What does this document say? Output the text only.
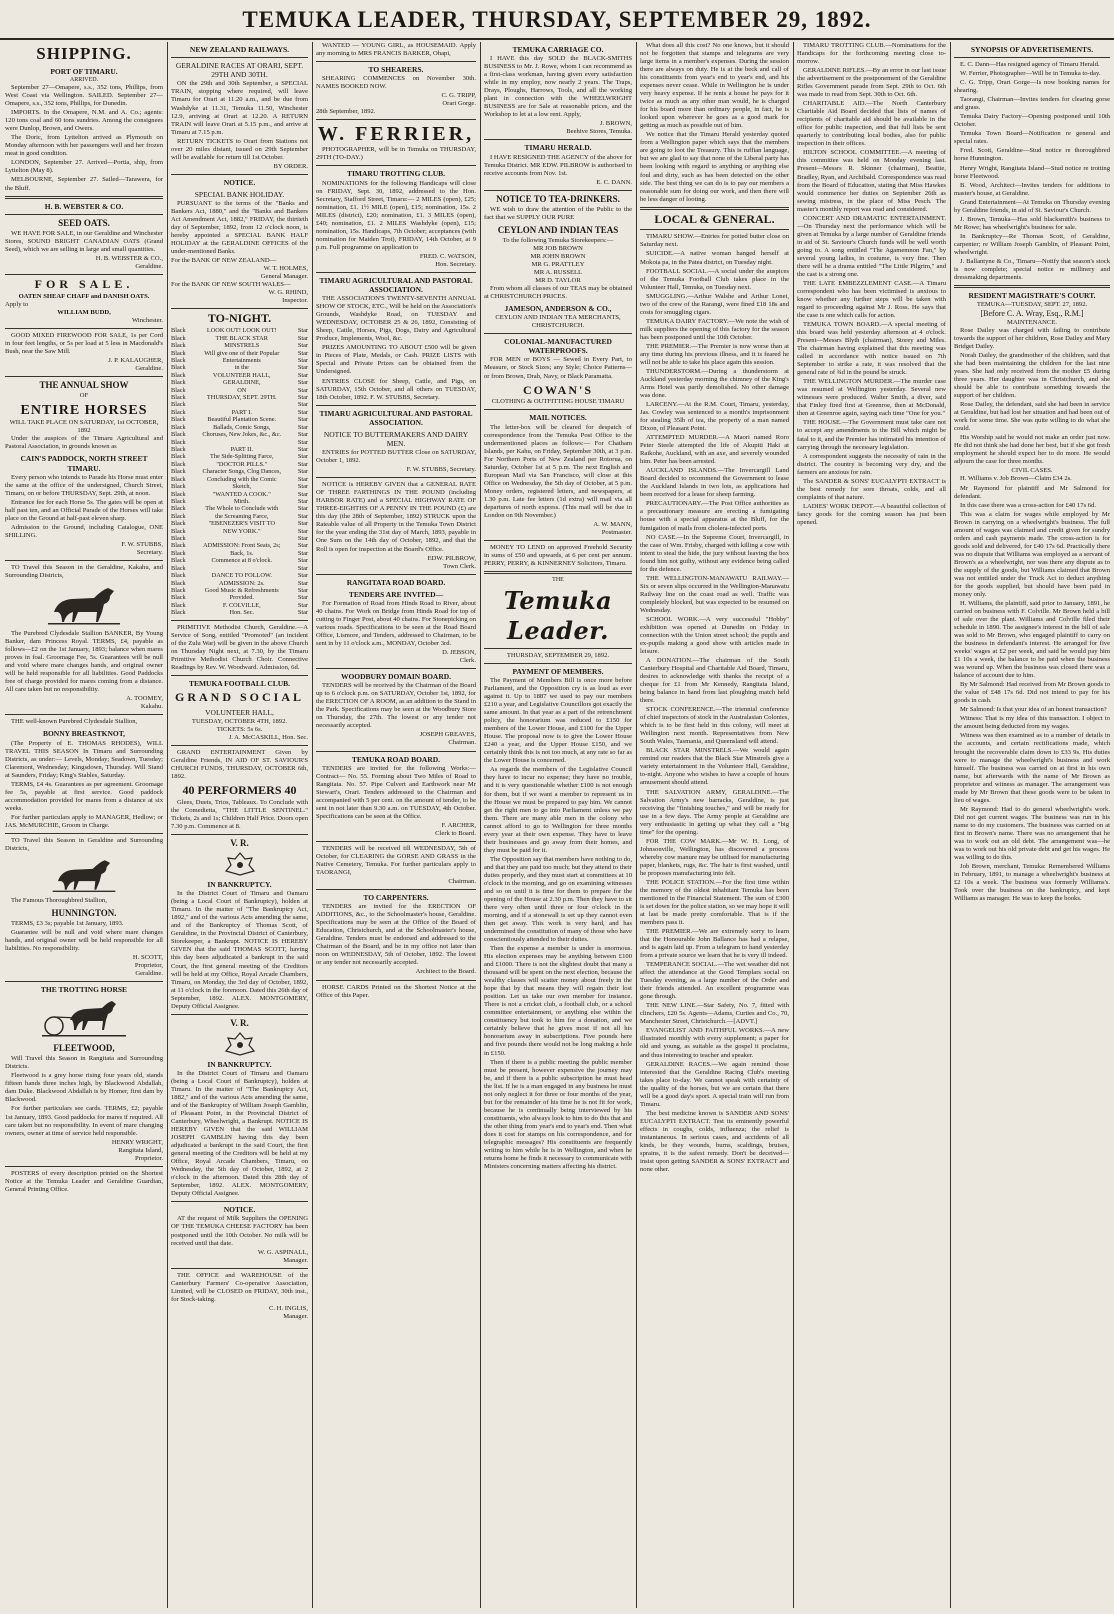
TEMUKA LEADER, THURSDAY, SEPTEMBER 29, 1892.
SHIPPING.
PORT OF TIMARU.
ARRIVED.

September 27—Omapere, s.s., 352 tons, Phillips, from West Coast via Wellington. SAILED. September 27—Omapere, s.s., 352 tons, Phillips, for Dunedin.

IMPORTS. In the Omapere, N.M. and A. Co.; agents: 120 tons coal and 60 tons sundries. Among the consignees were Dunlop, Brown, and Owers.

The Doric, from Lyttelton arrived as Plymouth on Monday afternoon with her passengers well and her frozen meat in good condition.

LONDON, September 27. Arrived—Portia, ship, from Lyttelton (May 8).

MELBOURNE, September 27. Sailed—Tarawera, for the Bluff.

H. B. WEBSTER & CO.
SEED OATS.

WE HAVE FOR SALE, in our Geraldine and Winchester Stores, SOUND BRIGHT CANADIAN OATS (Grand Seed), which we are selling in large and small quantities.

H. B. WEBSTER & CO.,
Geraldine.
FOR SALE.
OATEN SHEAF CHAFF and DANISH OATS.
Apply to
WILLIAM BUDD,
Winchester.

GOOD MIXED FIREWOOD FOR SALE, 1s per Cord in four feet lengths, or 5s per load at 5 less in Macdonald's Bush, near the Saw Mill.

J. P. KALAUGHER,
Geraldine.
THE ANNUAL SHOW
OF
ENTIRE HORSES
WILL TAKE PLACE ON SATURDAY, 1st OCTOBER, 1892

Under the auspices of the Timaru Agricultural and Pastoral Association, in grounds known as

CAIN'S PADDOCK, NORTH STREET TIMARU.

Every person who intends to Parade his Horse must enter the same at the office of the undersigned, Church Street, Timaru, on or before THURSDAY, Sept. 29th, at noon.

Entrance fee for each Horse 5s. The gates will be open at half past ten, and an Official Parade of the Horses will take place on the Ground at half-past eleven sharp.

Admission to the Ground, including Catalogue, ONE SHILLING.

F. W. STUBBS,
Secretary.

TO Travel this Season in the Geraldine, Kakahu, and Surrounding Districts,

The Purebred Clydesdale Stallion BANKER, By Young Banker, dam Princess Royal. TERMS, £4, payable as follows—£2 on the 1st January, 1893; balance when mares proves in foal. Groomage Fee, 5s. Guarantees will be null and void where mare changes hands, and original owner will be held responsible for all liabilities. Good Paddocks free of charge provided for mares coming from a distance. All care taken but no responsibility.

A. TOOMEY,
Kakahu.

THE well-known Purebred Clydesdale Stallion,

BONNY BREASTKNOT,

(The Property of E. THOMAS RHODES), WILL TRAVEL THIS SEASON In Timaru and Surrounding Districts, as under:— Levels, Monday; Seadown, Tuesday; Claremont, Wednesday; Kingsdown, Thursday. Will Stand at Saunders, Friday; King's Stables, Saturday.

TERMS, £4 4s. Guarantees as per agreement. Groomage fee 5s, payable at first service. Good paddock accommodation provided for mares from a distance at six weeks.

For further particulars apply to MANAGER, Hedlow; or JAS. McMURCHIE, Groom in Charge.

TO Travel this Season in Geraldine and Surrounding Districts,

The Famous Thoroughbred Stallion,

HUNNINGTON.

TERMS, £3 3s; payable 1st January, 1893.

Guarantee will be null and void where mare changes hands, and original owner will be held responsible for all liabilities. No responsibility.

H. SCOTT,
Proprietor,
Geraldine.
THE TROTTING HORSE
FLEETWOOD,

Will Travel this Season in Rangitata and Surrounding Districts.

Fleetwood is a grey horse rising four years old, stands fifteen hands three inches high, by Blackwood Abdallah, dam Duke. Blackwood Abdallah is by Homer, first dam by Blackwood.

For further particulars see cards. TERMS, £2; payable 1st January, 1893. Good paddocks for mares if required. All care taken but no responsibility. In event of mare changing owners, owner at time of service held responsible.

HENRY WRIGHT,
Rangitata Island,
Proprietor.

POSTERS of every description printed on the Shortest Notice at the Temuka Leader and Geraldine Guardian, General Printing Office.

NEW ZEALAND RAILWAYS.
GERALDINE RACES AT ORARI, SEPT. 29TH AND 30TH.

ON the 29th and 30th September, a SPECIAL TRAIN, stopping where required, will leave Timaru for Orari at 11.20 a.m., and be due from Washdyke at 11.31, Temuka 11.50, Winchester 12.9, arriving at Orari at 12.20. A RETURN TRAIN will leave Orari at 5.15 p.m., and arrive at Timaru at 7.15 p.m.

RETURN TICKETS to Orari from Stations not over 20 miles distant, issued on 29th September will be available for return till 1st October.

BY ORDER.
NOTICE.
SPECIAL BANK HOLIDAY.

PURSUANT to the terms of the "Banks and Bankers Act, 1880," and the "Banks and Bankers Act Amendment Act, 1882," FRIDAY, the thirtieth day of September, 1892, from 12 o'clock noon, is hereby appointed a SPECIAL BANK HALF HOLIDAY at the GERALDINE OFFICES of the under-mentioned Banks.

For the BANK OF NEW ZEALAND—
W. T. HOLMES,
General Manager.
For the BANK OF NEW SOUTH WALES—
W. G. RHIND,
Inspector.
TO-NIGHT.
Black	LOOK OUT! LOOK OUT!	Star
Black	THE BLACK STAR	Star
Black	MINSTRELS	Star
Black	Will give one of their Popular	Star
Black	Entertainments	Star
Black	in the	Star
Black	VOLUNTEER HALL,	Star
Black	GERALDINE,	Star
Black	ON	Star
Black	THURSDAY, SEPT. 29TH.	Star
Black	Star
Black	PART I.	Star
Black	Beautiful Plantation Scene.	Star
Black	Ballads, Comic Songs,	Star
Black	Choruses, New Jokes, &c., &c.	Star
Black	Star
Black	PART II.	Star
Black	The Side-Splitting Farce,	Star
Black	"DOCTOR PILLS."	Star
Black	Character Songs, Clog Dances,	Star
Black	Concluding with the Comic	Star
Black	Sketch,	Star
Black	"WANTED A COOK."	Star
Black	Mirth.	Star
Black	The Whole to Conclude with	Star
Black	the Screaming Farce,	Star
Black	"EBENEZER'S VISIT TO	Star
Black	NEW YORK."	Star
Black	Star
Black	ADMISSION: Front Seats, 2s;	Star
Black	Back, 1s.	Star
Black	Commence at 8 o'clock.	Star
Black	Star
Black	DANCE TO FOLLOW.	Star
Black	ADMISSION: 2s.	Star
Black	Good Music & Refreshments	Star
Black	Provided.	Star
Black	F. COLVILLE,	Star
Black	Hon. Sec.	Star

PRIMITIVE Methodist Church, Geraldine.—A Service of Song, entitled "Promoted" (an incident of the Zulu War) will be given in the above Church on Thursday Night next, at 7.30, by the Timaru Primitive Methodist Church Choir. Connective Readings by Rev. W. Woodward. Admission, 6d.

TEMUKA FOOTBALL CLUB.
GRAND SOCIAL
VOLUNTEER HALL,
TUESDAY, OCTOBER 4TH, 1892.
TICKETS: 5s 6s.
J. A. McCASKILL, Hon. Sec.

GRAND ENTERTAINMENT Given by Geraldine Friends, IN AID OF ST. SAVIOUR'S CHURCH FUNDS, THURSDAY, OCTOBER 6th, 1892.

40 PERFORMERS 40

Glees, Duets, Trios, Tableaux. To Conclude with the Comedietta, "THE LITTLE SENTINEL." Tickets, 2s and 1s; Children Half Price. Doors open 7.30 p.m. Commence at 8.

V. R.
IN BANKRUPTCY.

In the District Court of Timaru and Oamaru (being a Local Court of Bankruptcy), holden at Timaru. In the matter of "The Bankruptcy Act, 1892," and of the various Acts amending the same, and of the Bankruptcy of Thomas Scott, of Geraldine, in the Provincial District of Canterbury, Storekeeper, a Bankrupt. NOTICE IS HEREBY GIVEN that the said THOMAS SCOTT, having this day been adjudicated a bankrupt in the said Court, the first general meeting of the Creditors will be held at my Office, Royal Arcade Chambers, Timaru, on Monday, the 3rd day of October, 1892, at 11 o'clock in the forenoon. Dated this 26th day of September, 1892. ALEX. MONTGOMERY, Deputy Official Assignee.

V. R.
IN BANKRUPTCY.

In the District Court of Timaru and Oamaru (being a Local Court of Bankruptcy), holden at Timaru. In the matter of "The Bankruptcy Act, 1882," and of the various Acts amending the same, and of the Bankruptcy of William Joseph Gamblin, of Pleasant Point, in the Provincial District of Canterbury, Wheelwright, a Bankrupt. NOTICE IS HEREBY GIVEN that the said WILLIAM JOSEPH GAMBLIN having this day been adjudicated a bankrupt in the said Court, the first general meeting of the Creditors will be held at my Office, Royal Arcade Chambers, Timaru, on Wednesday, the 5th day of October, 1892, at 2 o'clock in the afternoon. Dated this 28th day of September, 1892. ALEX. MONTGOMERY, Deputy Official Assignee.

NOTICE.

AT the request of Milk Suppliers the OPENING OF THE TEMUKA CHEESE FACTORY has been postponed until the 10th October. No milk will be received until that date.

W. G. ASPINALL,
Manager.

THE OFFICE and WAREHOUSE of the Canterbury Farmers' Co-operative Association, Limited, will be CLOSED on FRIDAY, 30th inst., for Stock-taking.

C. H. INGLIS,
Manager.

WANTED — YOUNG GIRL, as HOUSEMAID. Apply any morning to MRS FRANCIS BARKER, Ohapi,

TO SHEARERS.

SHEARING COMMENCES on November 30th. NAMES BOOKED NOW.

C. G. TRIPP,
Orari Gorge.
28th September, 1892.
W. FERRIER,

PHOTOGRAPHER, will be in Temuka on THURSDAY, 29TH (TO-DAY.)

TIMARU TROTTING CLUB.

NOMINATIONS for the following Handicaps will close on FRIDAY, Sept. 30, 1892, addressed to the Hon. Secretary, Stafford Street, Timaru:— 2 MILES (open), £25; nomination, £1. 1½ MILE (open), £15; nomination, 15s. 2 MILES (district), £20; nomination, £1. 3 MILES (open), £40; nomination, £1. 2 MILES Washdyke (open), £15; nomination, 15s. Handicaps, 7th October; acceptances (with nomination for Maiden Trot), FRIDAY, 14th October, at 9 p.m. Full programme on application to

FRED. C. WATSON,
Hon. Secretary.
TIMARU AGRICULTURAL AND PASTORAL ASSOCIATION.

THE ASSOCIATION'S TWENTY-SEVENTH ANNUAL SHOW OF STOCK, ETC., Will be held on the Association's Grounds, Washdyke Road, on TUESDAY and WEDNESDAY, OCTOBER 25 & 26, 1892, Consisting of Sheep, Cattle, Horses, Pigs, Dogs, Dairy and Agricultural Produce, Implements, Wool, &c.

PRIZES AMOUNTING TO ABOUT £500 will be given in Pieces of Plate, Medals, or Cash. PRIZE LISTS with Special and Private Prizes can be obtained from the Undersigned.

ENTRIES CLOSE for Sheep, Cattle, and Pigs, on SATURDAY, 15th October, and all others on TUESDAY, 18th October, 1892. F. W. STUBBS, Secretary.

TIMARU AGRICULTURAL AND PASTORAL ASSOCIATION.
NOTICE TO BUTTERMAKERS AND DAIRY MEN.

ENTRIES for POTTED BUTTER Close on SATURDAY, October 1, 1892.

F. W. STUBBS, Secretary.

NOTICE is HEREBY GIVEN that a GENERAL RATE OF THREE FARTHINGS IN THE POUND (including HARBOR RATE) and a SPECIAL HIGHWAY RATE OF THREE-EIGHTHS OF A PENNY IN THE POUND (£) are this day (the 28th of September, 1892) STRUCK upon the Rateable value of all Property in the Temuka Town District for the year ending the 31st day of March, 1893, payable in One Sum on the 14th day of October, 1892, and that the Roll is open for inspection at the Board's Office.

EDW. PILBROW,
Town Clerk.
RANGITATA ROAD BOARD.
TENDERS ARE INVITED—

For Formation of Road from Hinds Road to River, about 40 chains. For Work on Bridge from Hinds Road for top of cutting to Finger Post, about 40 chains. For Stonepicking on various roads. Specifications to be seen at the Road Board Office, Lismore, and Tenders, addressed to Chairman, to be sent in by 11 o'clock a.m., MONDAY, October 3rd.

D. JEBSON,
Clerk.
WOODBURY DOMAIN BOARD.

TENDERS will be received by the Chairman of the Board up to 6 o'clock p.m. on SATURDAY, October 1st, 1892, for the ERECTION OF A ROOM, as an addition to the Stand in the Park. Specifications may be seen at the Woodbury Store on Thursday, the 27th. The lowest or any tender not necessarily accepted.

JOSEPH GREAVES,
Chairman.
TEMUKA ROAD BOARD.

TENDERS are invited for the following Works:— Contract— No. 55. Forming about Two Miles of Road to Rangitata. No. 57. Pipe Culvert and Earthwork near Mr Stewart's, Orari. Tenders addressed to the Chairman and accompanied with 5 per cent. on the amount of tender, to be sent in not later than 9.30 a.m. on TUESDAY, 4th October. Specifications can be seen at the Office.

F. ARCHER,
Clerk to Board.

TENDERS will be received till WEDNESDAY, 5th of October, for CLEARING the GORSE AND GRASS in the Native Cemetery, Temuka. For further particulars apply to TAORANGI,

Chairman.
TO CARPENTERS.

TENDERS are invited for the ERECTION OF ADDITIONS, &c., to the Schoolmaster's house, Geraldine. Specifications may be seen at the Office of the Board of Education, Christchurch, and at the Schoolmaster's house, Geraldine. Tenders must be endorsed and addressed to the Chairman of the Board, and be in my office not later than noon on WEDNESDAY, 5th of October, 1892. The lowest or any tender not necessarily accepted.

Architect to the Board.

HORSE CARDS Printed on the Shortest Notice at the Office of this Paper.

TEMUKA CARRIAGE CO.

I HAVE this day SOLD the BLACK-SMITHS BUSINESS to Mr. J. Rowe, whom I can recommend as a first-class workman, having given every satisfaction while in my employ, now nearly 2 years. The Traps, Drays, Ploughs, Harrows, Tools, and all the working plant in connection with the WHEELWRIGHT BUSINESS are for Sale at reasonable prices, and the Workshop to let at a low rent. Apply,

J. BROWN,
Beehive Stores, Temuka.
TIMARU HERALD.

I HAVE RESIGNED THE AGENCY of the above for Temuka District. MR EDW. PILBROW is authorised to receive accounts from Nov. 1st.

E. C. DANN.
NOTICE TO TEA-DRINKERS.

WE wish to draw the attention of the Public to the fact that we SUPPLY OUR PURE

CEYLON AND INDIAN TEAS
To the following Temuka Storekeepers:—
MR JOB BROWN
MR JOHN BROWN
MR G. PRATTLEY
MR A. RUSSELL
MR D. TAYLOR

From whom all classes of our TEAS may be obtained at CHRISTCHURCH PRICES.

JAMESON, ANDERSON & CO.,
CEYLON AND INDIAN TEA MERCHANTS, CHRISTCHURCH.
COLONIAL-MANUFACTURED WATERPROOFS.

FOR MEN or BOYS — Sewed in Every Part, to Measure, or Stock Sizes; any Style; Choice Patterns—or from Brown, Drab, Navy, or Black Paramatta.

COWAN'S
CLOTHING & OUTFITTING HOUSE TIMARU
MAIL NOTICES.

The letter-box will be cleared for despatch of correspondence from the Temuka Post Office to the undermentioned places as follows:— For Chatham Islands, per Kahu, on Friday, September 30th, at 3 p.m. For Northern Ports of New Zealand per Rotorua, on Saturday, October 1st at 5 p.m. The next English and European Mail via San Francisco, will close at this Office on Wednesday, the 5th day of October, at 5 p.m. Money orders, registered letters, and newspapers, at 1.30 p.m. Late fee letters (1d extra) will mail via all departures of north express. (This mail will be due in London on 9th November.)

A. W. MANN,
Postmaster.

MONEY TO LEND on approved Freehold Security in sums of £50 and upwards, at 6 per cent per annum. PERRY, PERRY, & KINNERNEY Solicitors, Timaru.

THE
Temuka Leader.
THURSDAY, SEPTEMBER 29, 1892.
PAYMENT OF MEMBERS.

The Payment of Members Bill is once more before Parliament, and the Opposition cry is as loud as ever against it. Up to 1887 we used to pay our members £210 a year, and Legislative Councillors got exactly the same amount. In that year as a part of the retrenchment policy, the honorarium was reduced to £150 for members of the Lower House, and £100 for the Upper House. The proposal now is to give the Lower House £240 a year, and the Upper House £150, and we certainly think this is not too much, at any rate so far as the Lower House is concerned.

As regards the members of the Legislative Council they have to incur no expense; they have no trouble, and it is very questionable whether £100 is not enough for them, but if we want a member to represent us in the House we must be prepared to pay him. We cannot get the right men to go into Parliament unless we pay them. There are many able men in the colony who cannot afford to go to Wellington for three months every year at their own expense. They have to leave their businesses and go away from their homes, and they must be paid for it.

The Opposition say that members have nothing to do, and that they are paid too much; but they attend to their duties properly, and they must start at committees at 10 o'clock in the morning, and go on examining witnesses and so on until it is time for them to prepare for the opening of the House at 2.30 p.m. Then they have to sit there very often until three or four o'clock in the morning, and if a stonewall is set up they cannot even then get away. This work is very hard, and has undermined the constitution of many of those who have conscientiously attended to their duties.

Then the expense a member is under is enormous. His election expenses may be anything between £100 and £1000. There is not the slightest doubt that many a thousand will be spent on the next election, because the wealthy classes will scatter money about freely in the hope that by that means they will regain their lost position. Let us take our own member for instance. There is not a cricket club, a football club, or a school committee entertainment, or anything else within the constituency but took to him for a donation, and we certainly believe that he gives most if not all his honorarium away in subscriptions. Five pounds here and five pounds there would not be long making a hole in £150.

Then if there is a public meeting the public member must be present, however expensive the journey may be, and if there is a public subscription he must head the list. If he is a man engaged in any business he must not only neglect it for three or four months of the year, but for the remainder of his time he is not fit for work, because he is continually being interviewed by his constituents, who always look to him to do this that and the other thing from year's end to year's end. Then what does it cost for stamps on his correspondence, and for telegraphic messages? His constituents are frequently writing to him while he is in Wellington, and when he returns home he finds it necessary to communicate with Ministers concerning matters affecting his district.

What does all this cost? No one knows, but it should not be forgotten that stamps and telegrams are very large items in a member's expenses. During the session there are always on duty. He is at the beck and call of his constituents from year's end to year's end, and his expenses never cease. While in Wellington he is under very heavy expense. If he rents a house he pays for it twice as much as any other man would, he is charged for his board more than ordinary people, in fact, he is looked upon wherever he goes as a good mark for getting as much as possible out of him.

We notice that the Timaru Herald yesterday quoted from a Wellington paper which says that the members are going to loot the Treasury. This is ruffian language, but we are glad to say that none of the Liberal party has been looking with regard to anything or anything else foul and dirty, such as has been detected on the other side. The best thing we can do is to pay our members a reasonable sum for doing our work, and then there will be less danger of looting.

LOCAL & GENERAL.

TIMARU SHOW.—Entries for potted butter close on Saturday next.

SUICIDE.—A native woman hanged herself at Mokoia pa, in the Patea district, on Tuesday night.

FOOTBALL SOCIAL.—A social under the auspices of the Temuka Football Club takes place in the Volunteer Hall, Temuka, on Tuesday next.

SMUGGLING.—Arthur Walshe and Arthur Lonei, two of the crew of the Rarangi, were fined £18 18s and costs for smuggling cigars.

TEMUKA DAIRY FACTORY.—We note the wish of milk suppliers the opening of this factory for the season has been postponed until the 10th October.

THE PREMIER.—The Premier is now worse than at any time during his previous illness, and it is feared he will not be able to take his place again this session.

THUNDERSTORM.—During a thunderstorm at Auckland yesterday morning the chimney of the King's Arms Hotel was partly demolished. No other damage was done.

LARCENY.—At the R.M. Court, Timaru, yesterday, Jas. Cowley was sentenced to a month's imprisonment for stealing 35lb of tea, the property of a man named Dixon, of Pleasant Point.

ATTEMPTED MURDER.—A Maori named Roro Peter Steele attempted the life of Akupiti Haki at Raikohe, Auckland, with an axe, and severely wounded him. Peter has been arrested.

AUCKLAND ISLANDS.—The Invercargill Land Board decided to recommend the Government to lease the Auckland Islands in two lots, as applications had been received for a lease for sheep farming.

PRECAUTIONARY.—The Post Office authorities as a precautionary measure are erecting a fumigating house with a special apparatus at the Bluff, for the fumigation of mails from cholera-infected ports.

NO CASE.—In the Supreme Court, Invercargill, in the case of Wm. Frisby, charged with killing a cow with intent to steal the hide, the jury without leaving the box found him not guilty, without any evidence being called for the defence.

THE WELLINGTON-MANAWATU RAILWAY.—Six or seven slips occurred in the Wellington-Manawatu Railway line on the coast road as well. Traffic was completely blocked, but was expected to be resumed on Wednesday.

SCHOOL WORK.—A very successful "Hobby" exhibition was opened at Dunedin on Friday in connection with the Union street school; the pupils and ex-pupils making a good show with articles made in leisure.

A DONATION.—The chairman of the South Canterbury Hospital and Charitable Aid Board, Timaru, desires to acknowledge with thanks the receipt of a cheque for £1 from Mr Kennedy, Rangitata Island, being balance in hand from last ploughing match held there.

STOCK CONFERENCE.—The triennial conference of chief inspectors of stock in the Australasian Colonies, which is to be first held in this colony, will meet at Wellington next month. Representatives from New South Wales, Tasmania, and Queensland will attend.

BLACK STAR MINSTRELS.—We would again remind our readers that the Black Star Minstrels give a variety entertainment in the Volunteer Hall, Geraldine, to-night. Anyone who wishes to have a couple of hours amusement should attend.

THE SALVATION ARMY, GERALDINE.—The Salvation Army's new barracks, Geraldine, is just receiving the "finishing touches," and will be ready for use in a few days. The Army people at Geraldine are very enthusiastic in getting up what they call a "big time" for the opening.

FOR THE COW MARK.—Mr W. H. Long, of Johnsonville, Wellington, has discovered a process whereby cow manure may be utilised for manufacturing paper, blankets, rugs, &c. The hair is first washed, until he proposes manufacturing into felt.

THE POLICE STATION.—For the first time within the memory of the oldest inhabitant Temuka has been mentioned in the Financial Statement. The sum of £300 is set down for the police station, so we may hope it will at last be made pretty comfortable. That is if the members pass it.

THE PREMIER.—We are extremely sorry to learn that the Honourable John Ballance has had a relapse, and is again laid up. From a telegram to hand yesterday from a private source we learn that he is very ill indeed.

TEMPERANCE SOCIAL.—The wet weather did not affect the attendance at the Good Templars social on Tuesday evening, as a large number of the Order and their friends attended. An excellent programme was gone through.

THE NEW LINE.—Star Safety, No. 7, fitted with clinchers, £20 5s. Agents—Adams, Curties and Co., 70, Manchester Street, Christchurch.—[ADVT.]

EVANGELIST AND FAITHFUL WORKS.—A new illustrated monthly with every supplement; a paper for old and young, as suitable as the gospel it proclaims, and thus interesting to teacher and speaker.

GERALDINE RACES.—We again remind those interested that the Geraldine Racing Club's meeting takes place to-day. We cannot speak with certainty of the quality of the horses, but we are certain that there will be a good day's sport. A special train will run from Timaru.

The best medicine known is SANDER AND SONS' EUCALYPTI EXTRACT. Test its eminently powerful effects in coughs, colds, influenza; the relief is instantaneous. In serious cases, and accidents of all kinds, be they wounds, burns, scaldings, bruises, sprains, it is the safest remedy. Don't be deceived—insist upon getting SANDER & SONS' EXTRACT and none other.

TIMARU TROTTING CLUB.—Nominations for the Handicaps for the forthcoming meeting close to-morrow.

GERALDINE RIFLES.—By an error in our last issue the advertisement re the postponement of the Geraldine Rifles Government parade from Sept. 29th to Oct. 6th was made to read from Sept. 30th to Oct. 6th.

CHARITABLE AID.—The North Canterbury Charitable Aid Board decided that lists of names of recipients of charitable aid should be available in the office for public inspection, and that full lists be sent quarterly to contributing local bodies, also for public inspection in their offices.

HILTON SCHOOL COMMITTEE.—A meeting of this committee was held on Monday evening last. Present—Messrs R. Skinner (chairman), Beattie, Bradley, Ryan, and Archibald. Correspondence was read from the Board of Education, stating that Miss Hawkes would commence her duties on September 26th as sewing mistress, in the place of Miss Pesch. The master's monthly report was read and considered.

CONCERT AND DRAMATIC ENTERTAINMENT.—On Thursday next the performance which will be given at Temuka by a large number of Geraldine friends in aid of St. Saviour's Church funds will be well worth going to. A song entitled "The Agamemnon Fan," by several young ladies, in costume, is very fine. Then there will be a drama entitled "The Little Pilgrim," and the cast is a strong one.

THE LATE EMBEZZLEMENT CASE.—A Timaru correspondent who has been victimised is anxious to know whether any further steps will be taken with regard to proceeding against Mr J. Ross. He says that the case is one which calls for action.

TEMUKA TOWN BOARD.—A special meeting of this board was held yesterday afternoon at 4 o'clock. Present—Messrs Blyth (chairman), Storey and Miles. The chairman having explained that this meeting was called in accordance with notice issued on 7th September to strike a rate, it was resolved that the general rate of ¾d in the pound be struck.

THE WELLINGTON MURDER.—The murder case was resumed at Wellington yesterday. Several new witnesses were produced. Walter Smith, a diver, said that Finley fired first at Greenroe, then at McDonald, then at Greenroe again, saying each time "One for you."

THE HOUSE.—The Government must take care not to accept any amendments to the Bill which might be fatal to it, and the Premier has intimated his intention of carrying through the necessary legislation.

A correspondent suggests the necessity of rain in the district. The country is becoming very dry, and the farmers are anxious for rain.

The SANDER & SONS' EUCALYPTI EXTRACT is the best remedy for sore throats, colds, and all complaints of that nature.

LADIES' WORK DEPOT.—A beautiful collection of fancy goods for the coming season has just been opened.

SYNOPSIS OF ADVERTISEMENTS.

E. C. Dann—Has resigned agency of Timaru Herald.

W. Ferrier, Photographer—Will be in Temuka to-day.

C. G. Tripp, Orari Gorge—Is now booking names for shearing.

Taorangi, Chairman—Invites tenders for clearing gorse and grass.

Temuka Dairy Factory—Opening postponed until 10th October.

Temuka Town Board—Notification re general and special rates.

Fred. Scott, Geraldine—Stud notice re thoroughbred horse Hunnington.

Henry Wright, Rangitata Island—Stud notice re trotting horse Fleetwood.

B. Wood, Architect—Invites tenders for additions to master's house, at Geraldine.

Grand Entertainment—At Temuka on Thursday evening by Geraldine friends, in aid of St. Saviour's Church.

J. Brown, Temuka—Has sold blacksmith's business to Mr Rowe; has wheelwright's business for sale.

In Bankruptcy—Re Thomas Scott, of Geraldine, carpenter; re William Joseph Gamblin, of Pleasant Point, wheelwright.

J. Ballantyne & Co., Timaru—Notify that season's stock is now complete; special notice re millinery and dressmaking departments.

RESIDENT MAGISTRATE'S COURT.
TEMUKA—TUESDAY, SEPT. 27, 1892.
[Before C. A. Wray, Esq., R.M.]
MAINTENANCE.

Rose Dailey was charged with failing to contribute towards the support of her children, Rose Dailey and Mary Bridget Dailey.

Norah Dailey, the grandmother of the children, said that she had been maintaining the children for the last nine years. She had only received from the mother £5 during three years. Her daughter was in Christchurch, and she should be able to contribute something towards the support of her children.

Rose Dailey, the defendant, said she had been in service at Geraldine, but had lost her situation and had been out of work for some time. She was quite willing to do what she could.

His Worship said he would not make an order just now. He did not think she had done her best, but if she got fresh employment he should expect her to do more. He would adjourn the case for three months.

CIVIL CASES.

H. Williams v. Job Brown—Claim £34 2s.

Mr Raymond for plaintiff and Mr Salmond for defendant.

In this case there was a cross-action for £40 17s 6d.

This was a claim for wages while employed by Mr Brown in carrying on a wheelwright's business. The full amount of wages was claimed and credit given for sundry orders and cash payments made. The cross-action is for goods sold and delivered, for £40 17s 6d. Practically there was no dispute that Williams was employed as a servant of Brown's as a wheelwright, nor was there any dispute as to the supply of the goods, but Williams claimed that Brown was not entitled under the Truck Act to deduct anything for the goods supplied, but should have been paid in money only.

H. Williams, the plaintiff, said prior to January, 1891, he carried on business with F. Colville. Mr Brown held a bill of sale over the plant. Williams and Colville filed their schedule in 1890. The assignee's interest in the bill of sale was sold to Mr Brown, who engaged plaintiff to carry on the business in defendant's interest. He arranged for five weeks' wages at £2 per week, and said he would pay him £1 10s a week, the balance to be paid when the business was wound up. When the business was closed there was a balance of account due to him.

By Mr Salmond: Had received from Mr Brown goods to the value of £48 17s 6d. Did not intend to pay for his goods in cash.

Mr Salmond: Is that your idea of an honest transaction?

Witness: That is my idea of this transaction. I object to the amount being deducted from my wages.

Witness was then examined as to a number of details in the accounts, and certain rectifications made, which brought the recoverable claim down to £33 9s. His duties were to manage the wheelwright's business and work himself. The business was carried on at first in his own name, but afterwards with the name of Mr Brown as proprietor and witness as manager. The arrangement was made by Mr Brown that these goods were to be taken in lieu of wages.

Mr Raymond: Had to do general wheelwright's work. Did not get current wages. The business was run in his name to do my customers. The business was carried on at first in Brown's name. There was no arrangement that he was to work out an old debt. The arrangement was—he was to work out his old private debt and get his wages. He was willing to do this.

Job Brown, merchant, Temuka: Remembered Williams in February, 1891, to manage a wheelwright's business at £2 10s a week. The business was formerly Williams's. Took over the business on the bankruptcy, and kept Williams as manager. He was to keep the books.
